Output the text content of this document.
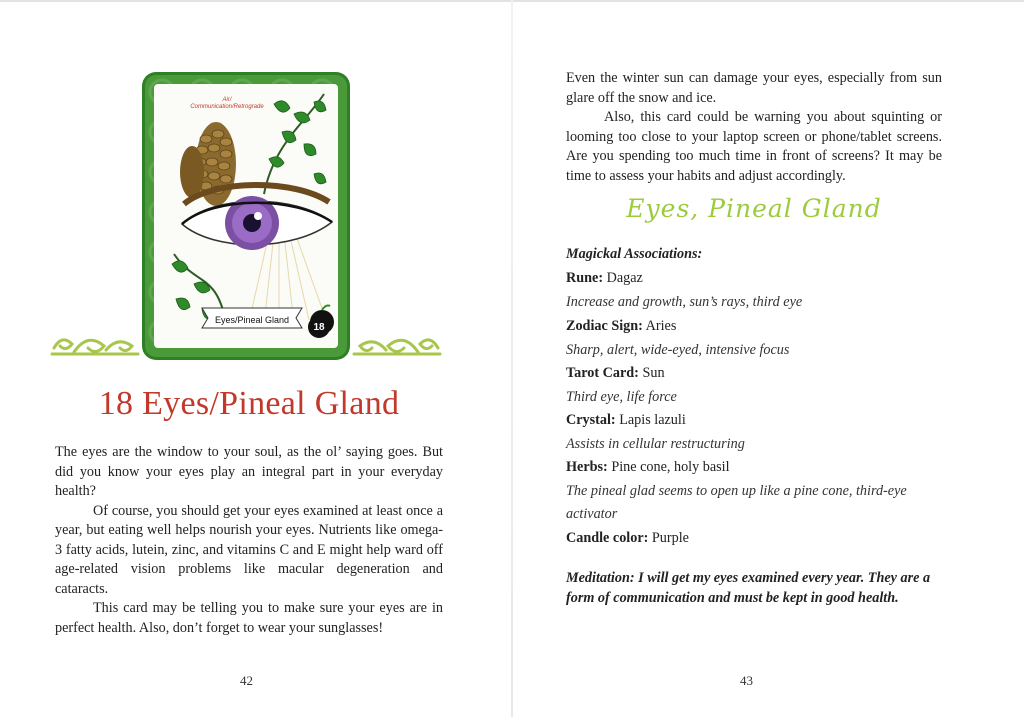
Air/
Communication/Retrograde
Eyes/Pineal Gland
18
18 Eyes/Pineal Gland

The eyes are the window to your soul, as the ol’ saying goes. But did you know your eyes play an integral part in your everyday health?

Of course, you should get your eyes examined at least once a year, but eating well helps nourish your eyes. Nutrients like omega-3 fatty acids, lutein, zinc, and vitamins C and E might help ward off age-related vision problems like macular degeneration and cataracts.

This card may be telling you to make sure your eyes are in perfect health. Also, don’t forget to wear your sunglasses!

42

Even the winter sun can damage your eyes, especially from sun glare off the snow and ice.

Also, this card could be warning you about squinting or looming too close to your laptop screen or phone/tablet screens. Are you spending too much time in front of screens? It may be time to assess your habits and adjust accordingly.

Eyes, Pineal Gland
Magickal Associations:
Rune: Dagaz
Increase and growth, sun’s rays, third eye
Zodiac Sign: Aries
Sharp, alert, wide-eyed, intensive focus
Tarot Card: Sun
Third eye, life force
Crystal: Lapis lazuli
Assists in cellular restructuring
Herbs: Pine cone, holy basil
The pineal glad seems to open up like a pine cone, third-eye activator
Candle color: Purple
Meditation: I will get my eyes examined every year. They are a form of communication and must be kept in good health.
43
